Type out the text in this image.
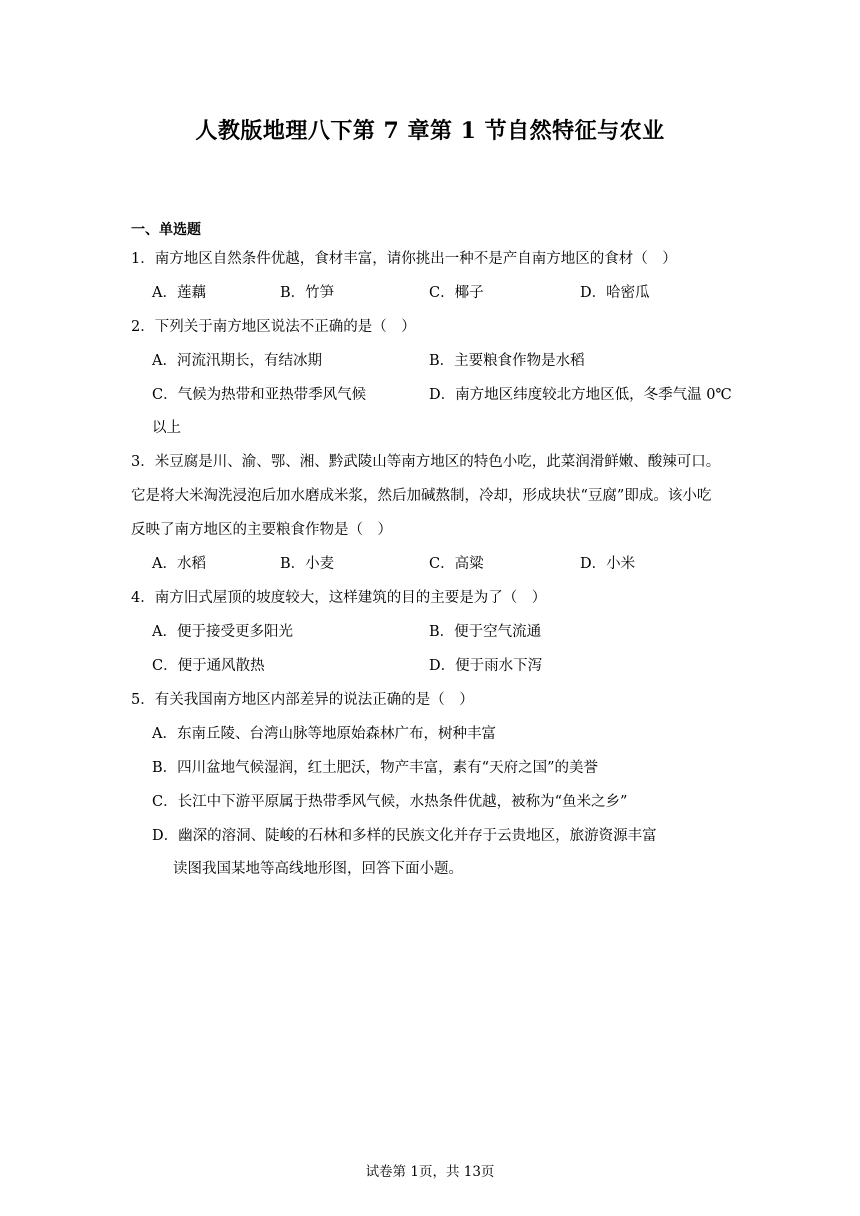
人教版地理八下第 7 章第 1 节自然特征与农业
一、单选题
1．南方地区自然条件优越，食材丰富，请你挑出一种不是产自南方地区的食材（　）
A．莲藕	B．竹笋	C．椰子	D．哈密瓜
2．下列关于南方地区说法不正确的是（　）
A．河流汛期长，有结冰期	B．主要粮食作物是水稻
C．气候为热带和亚热带季风气候	D．南方地区纬度较北方地区低，冬季气温 0℃
以上
3．米豆腐是川、渝、鄂、湘、黔武陵山等南方地区的特色小吃，此菜润滑鲜嫩、酸辣可口。
它是将大米淘洗浸泡后加水磨成米浆，然后加碱熬制，冷却，形成块状“豆腐”即成。该小吃
反映了南方地区的主要粮食作物是（　）
A．水稻	B．小麦	C．高粱	D．小米
4．南方旧式屋顶的坡度较大，这样建筑的目的主要是为了（　）
A．便于接受更多阳光	B．便于空气流通
C．便于通风散热	D．便于雨水下泻
5．有关我国南方地区内部差异的说法正确的是（　）
A．东南丘陵、台湾山脉等地原始森林广布，树种丰富
B．四川盆地气候湿润，红土肥沃，物产丰富，素有“天府之国”的美誉
C．长江中下游平原属于热带季风气候，水热条件优越，被称为“鱼米之乡”
D．幽深的溶洞、陡峻的石林和多样的民族文化并存于云贵地区，旅游资源丰富
读图我国某地等高线地形图，回答下面小题。
试卷第 1页，共 13页
